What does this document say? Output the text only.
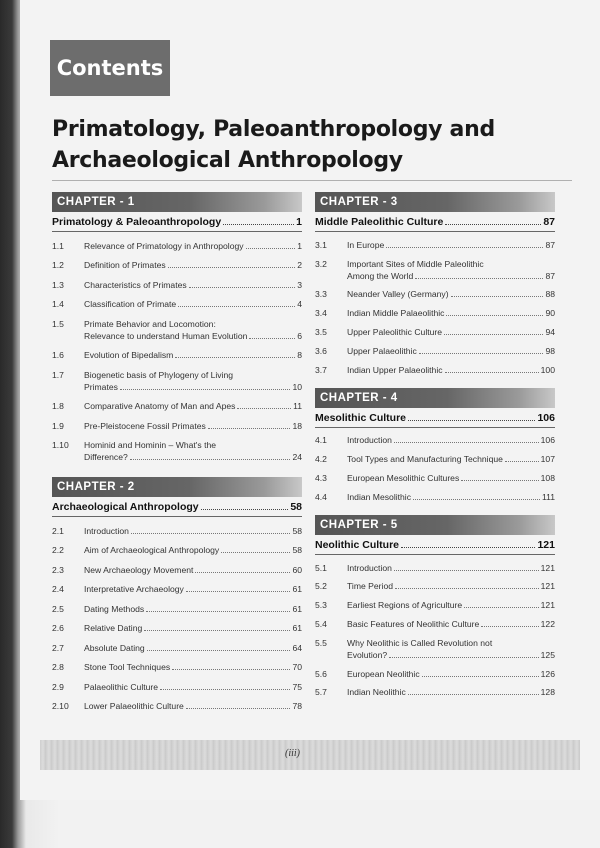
Contents
Primatology, Paleoanthropology and
Archaeological Anthropology
CHAPTER - 1
Primatology & Paleoanthropology	1
1.1	Relevance of Primatology in Anthropology	1
1.2	Definition of Primates	2
1.3	Characteristics of Primates	3
1.4	Classification of Primate	4
1.5	Primate Behavior and Locomotion:
Relevance to understand Human Evolution	6
1.6	Evolution of Bipedalism	8
1.7	Biogenetic basis of Phylogeny of Living
Primates	10
1.8	Comparative Anatomy of Man and Apes	11
1.9	Pre-Pleistocene Fossil Primates	18
1.10	Hominid and Hominin – What's the
Difference?	24
CHAPTER - 2
Archaeological Anthropology	58
2.1	Introduction	58
2.2	Aim of Archaeological Anthropology	58
2.3	New Archaeology Movement	60
2.4	Interpretative Archaeology	61
2.5	Dating Methods	61
2.6	Relative Dating	61
2.7	Absolute Dating	64
2.8	Stone Tool Techniques	70
2.9	Palaeolithic Culture	75
2.10	Lower Palaeolithic Culture	78
CHAPTER - 3
Middle Paleolithic Culture	87
3.1	In Europe	87
3.2	Important Sites of Middle Paleolithic
Among the World	87
3.3	Neander Valley (Germany)	88
3.4	Indian Middle Palaeolithic	90
3.5	Upper Paleolithic Culture	94
3.6	Upper Palaeolithic	98
3.7	Indian Upper Palaeolithic	100
CHAPTER - 4
Mesolithic Culture	106
4.1	Introduction	106
4.2	Tool Types and Manufacturing Technique	107
4.3	European Mesolithic Cultures	108
4.4	Indian Mesolithic	111
CHAPTER - 5
Neolithic Culture	121
5.1	Introduction	121
5.2	Time Period	121
5.3	Earliest Regions of Agriculture	121
5.4	Basic Features of Neolithic Culture	122
5.5	Why Neolithic is Called Revolution not
Evolution?	125
5.6	European Neolithic	126
5.7	Indian Neolithic	128
(iii)
